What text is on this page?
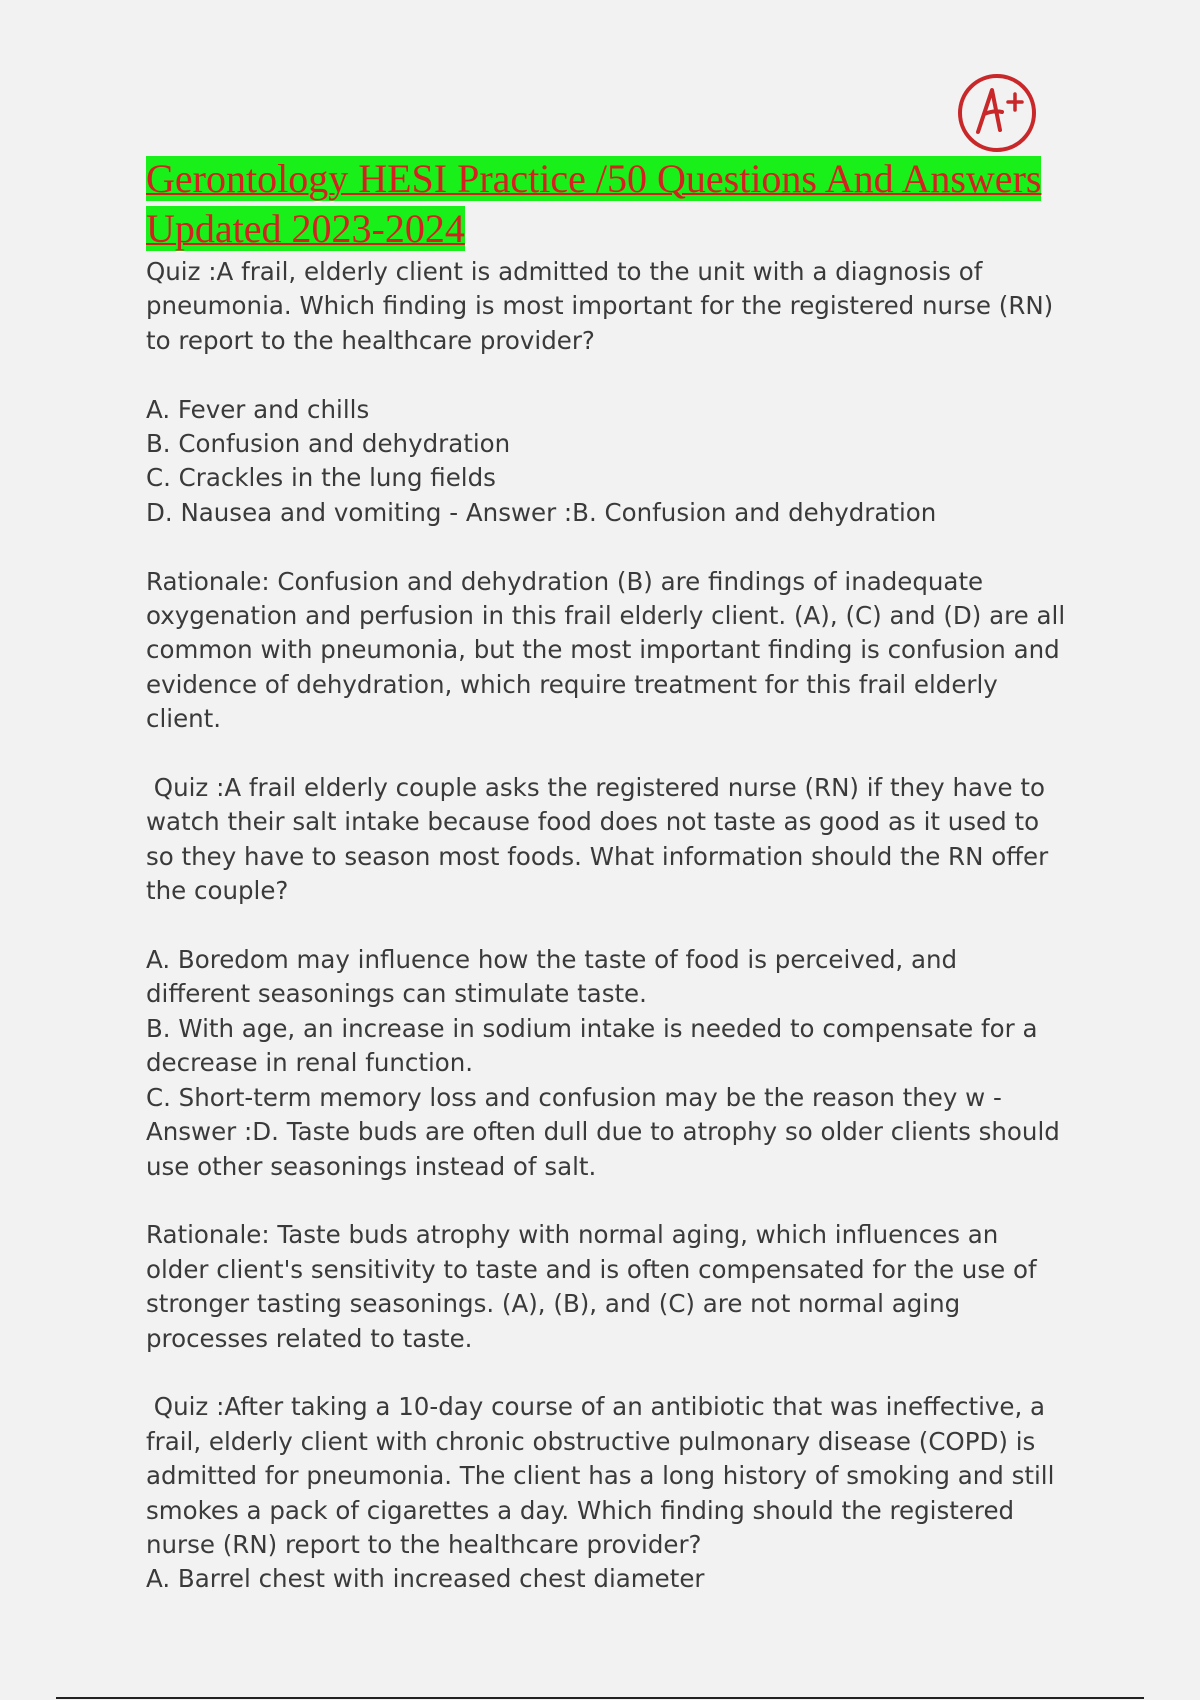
Gerontology HESI Practice /50 Questions And Answers Updated 2023-2024

Quiz :A frail, elderly client is admitted to the unit with a diagnosis of pneumonia. Which finding is most important for the registered nurse (RN) to report to the healthcare provider?

A. Fever and chills

B. Confusion and dehydration

C. Crackles in the lung fields

D. Nausea and vomiting - Answer :B. Confusion and dehydration

Rationale: Confusion and dehydration (B) are findings of inadequate oxygenation and perfusion in this frail elderly client. (A), (C) and (D) are all common with pneumonia, but the most important finding is confusion and evidence of dehydration, which require treatment for this frail elderly client.

Quiz :A frail elderly couple asks the registered nurse (RN) if they have to watch their salt intake because food does not taste as good as it used to so they have to season most foods. What information should the RN offer the couple?

A. Boredom may influence how the taste of food is perceived, and different seasonings can stimulate taste.

B. With age, an increase in sodium intake is needed to compensate for a decrease in renal function.

C. Short-term memory loss and confusion may be the reason they w -

Answer :D. Taste buds are often dull due to atrophy so older clients should use other seasonings instead of salt.

Rationale: Taste buds atrophy with normal aging, which influences an older client's sensitivity to taste and is often compensated for the use of stronger tasting seasonings. (A), (B), and (C) are not normal aging processes related to taste.

Quiz :After taking a 10-day course of an antibiotic that was ineffective, a frail, elderly client with chronic obstructive pulmonary disease (COPD) is admitted for pneumonia. The client has a long history of smoking and still smokes a pack of cigarettes a day. Which finding should the registered nurse (RN) report to the healthcare provider?

A. Barrel chest with increased chest diameter
